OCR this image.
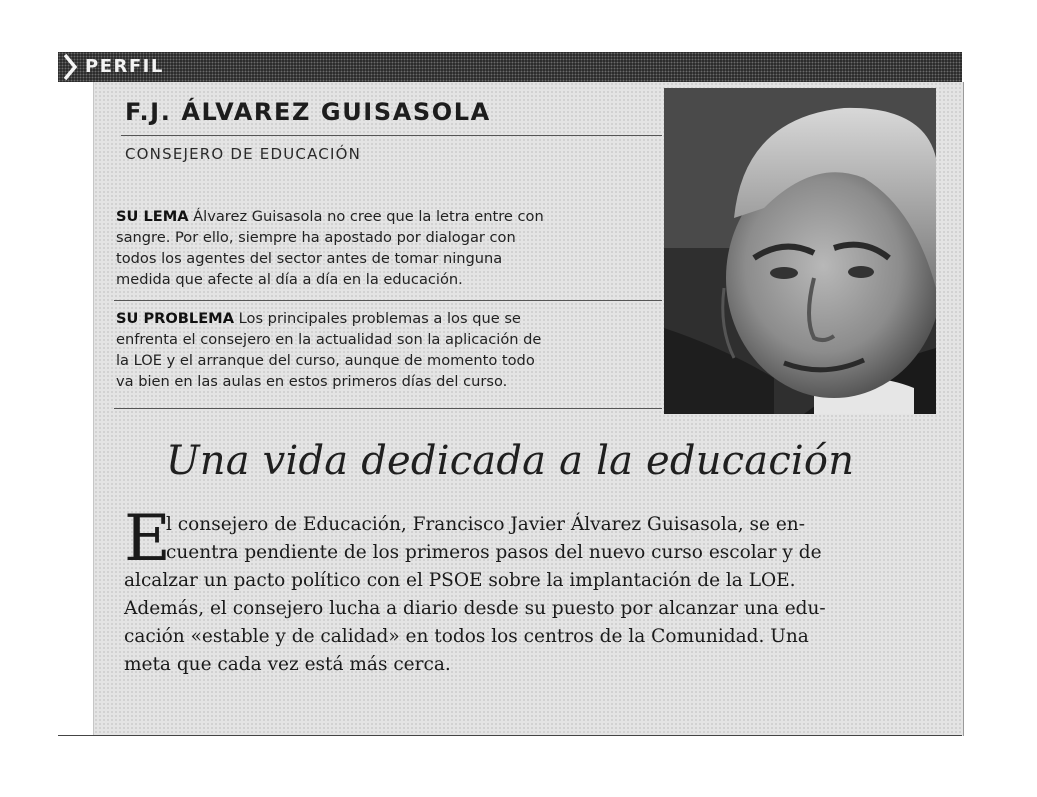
PERFIL
F.J. ÁLVAREZ GUISASOLA
CONSEJERO DE EDUCACIÓN
SU LEMA Álvarez Guisasola no cree que la letra entre con
sangre. Por ello, siempre ha apostado por dialogar con
todos los agentes del sector antes de tomar ninguna
medida que afecte al día a día en la educación.
SU PROBLEMA Los principales problemas a los que se
enfrenta el consejero en la actualidad son la aplicación de
la LOE y el arranque del curso, aunque de momento todo
va bien en las aulas en estos primeros días del curso.
Una vida dedicada a la educación
E
l consejero de Educación, Francisco Javier Álvarez Guisasola, se en-
cuentra pendiente de los primeros pasos del nuevo curso escolar y de
alcalzar un pacto político con el PSOE sobre la implantación de la LOE.
Además, el consejero lucha a diario desde su puesto por alcanzar una edu-
cación «estable y de calidad» en todos los centros de la Comunidad. Una
meta que cada vez está más cerca.
